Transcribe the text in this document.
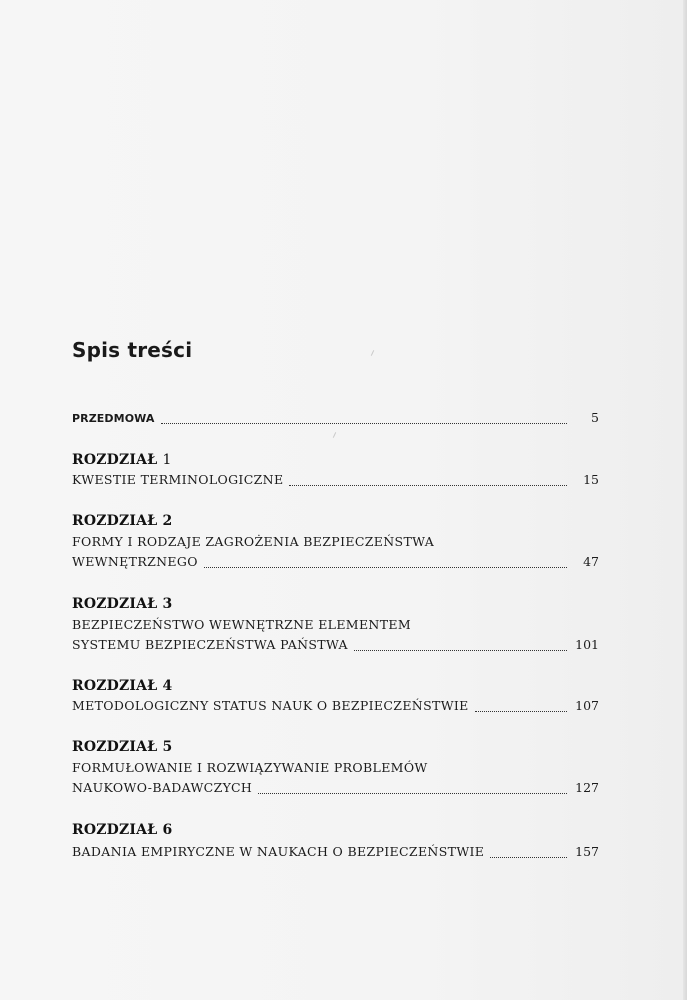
Spis treści
PRZEDMOWA	5
ROZDZIAŁ 1
KWESTIE TERMINOLOGICZNE	15
ROZDZIAŁ 2
FORMY I RODZAJE ZAGROŻENIA BEZPIECZEŃSTWA
WEWNĘTRZNEGO	47
ROZDZIAŁ 3
BEZPIECZEŃSTWO WEWNĘTRZNE ELEMENTEM
SYSTEMU BEZPIECZEŃSTWA PAŃSTWA	101
ROZDZIAŁ 4
METODOLOGICZNY STATUS NAUK O BEZPIECZEŃSTWIE	107
ROZDZIAŁ 5
FORMUŁOWANIE I ROZWIĄZYWANIE PROBLEMÓW
NAUKOWO-BADAWCZYCH	127
ROZDZIAŁ 6
BADANIA EMPIRYCZNE W NAUKACH O BEZPIECZEŃSTWIE	157
